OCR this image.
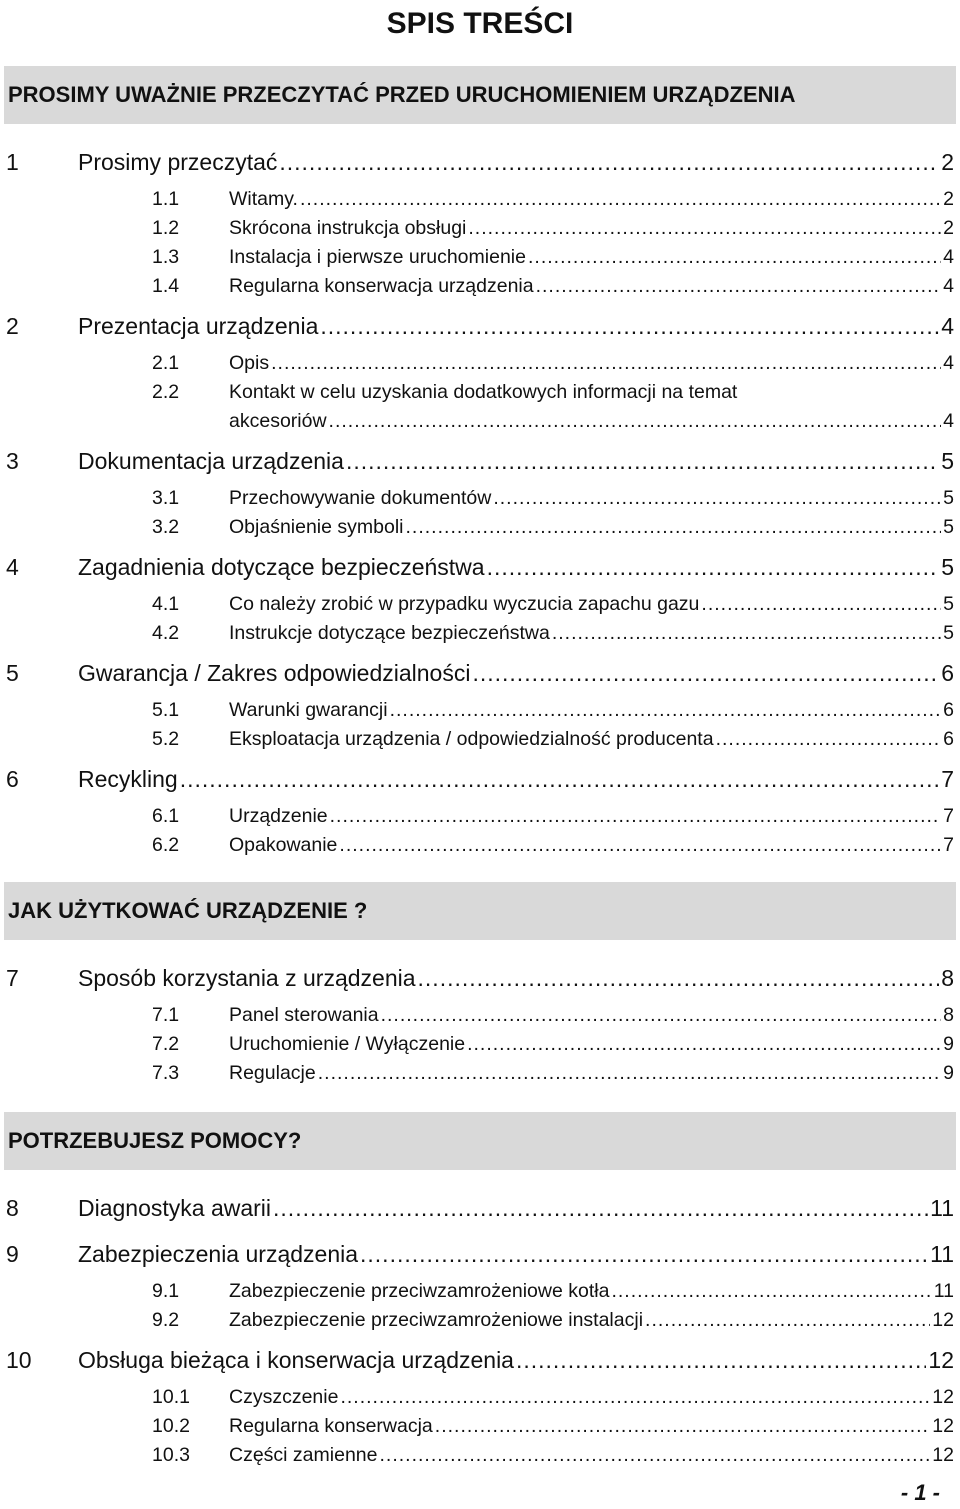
SPIS TREŚCI
PROSIMY UWAŻNIE PRZECZYTAĆ PRZED URUCHOMIENIEM URZĄDZENIA
1	Prosimy przeczytać .....	2
1.1	Witamy. .....	2
1.2	Skrócona instrukcja obsługi .....	2
1.3	Instalacja i pierwsze uruchomienie .....	4
1.4	Regularna konserwacja urządzenia .....	4
2	Prezentacja urządzenia .....	4
2.1	Opis .....	4
2.2	Kontakt w celu uzyskania dodatkowych informacji na temat
akcesoriów .....	4
3	Dokumentacja urządzenia .....	5
3.1	Przechowywanie dokumentów .....	5
3.2	Objaśnienie symboli .....	5
4	Zagadnienia dotyczące bezpieczeństwa .....	5
4.1	Co należy zrobić w przypadku wyczucia zapachu gazu .....	5
4.2	Instrukcje dotyczące bezpieczeństwa .....	5
5	Gwarancja / Zakres odpowiedzialności .....	6
5.1	Warunki gwarancji .....	6
5.2	Eksploatacja urządzenia / odpowiedzialność producenta .....	6
6	Recykling .....	7
6.1	Urządzenie .....	7
6.2	Opakowanie .....	7
JAK UŻYTKOWAĆ URZĄDZENIE ?
7	Sposób korzystania z urządzenia .....	8
7.1	Panel sterowania .....	8
7.2	Uruchomienie / Wyłączenie .....	9
7.3	Regulacje .....	9
POTRZEBUJESZ POMOCY?
8	Diagnostyka awarii .....	11
9	Zabezpieczenia urządzenia .....	11
9.1	Zabezpieczenie przeciwzamrożeniowe kotła .....	11
9.2	Zabezpieczenie przeciwzamrożeniowe instalacji .....	12
10 Obsługa bieżąca i konserwacja urządzenia .....	12
10.1 Czyszczenie .....	12
10.2 Regularna konserwacja .....	12
10.3 Części zamienne .....	12
- 1 -
